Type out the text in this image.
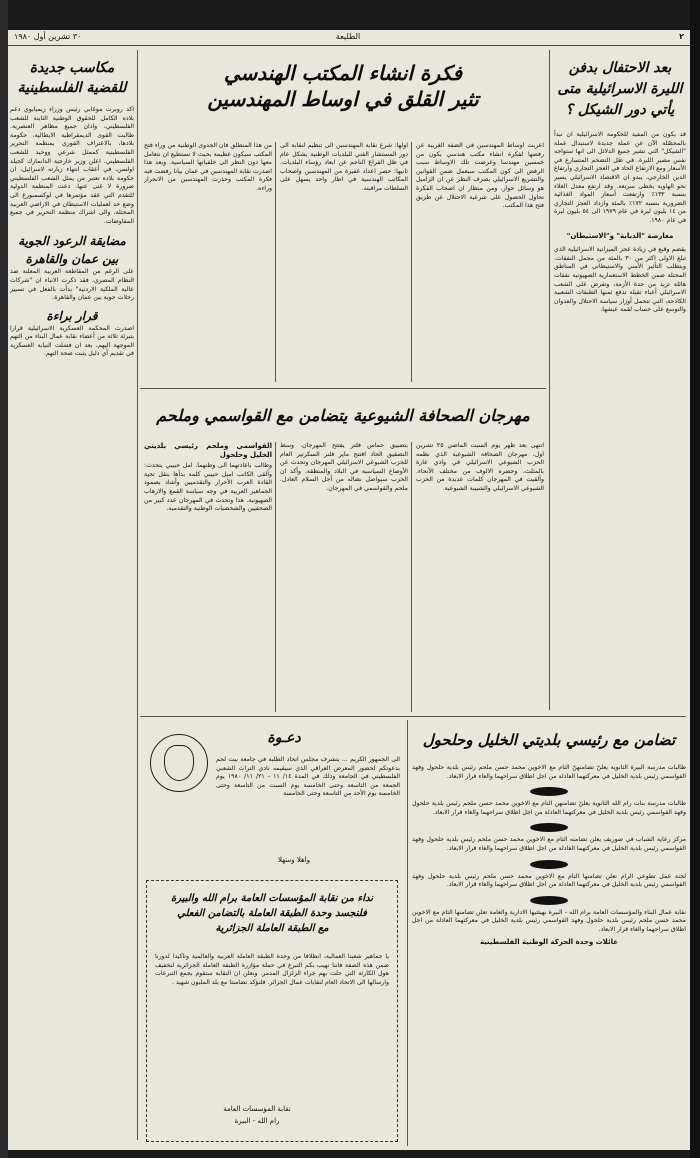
٢
الطليعة
٣٠ تشرين أول ١٩٨٠
بعد الاحتفال بدفن الليرة الاسرائيلية متى يأتي دور الشيكل ؟

قد يكون من المفيد للحكومة الاسرائيلية ان تبدأ بالمحصّلة الآن عن عملة جديدة لاستبدال عملة "الشيكل" التي تشير جميع الدلائل الى انها ستواجه نفس مصير الليرة. في ظل التضخم المتسارع في الأسعار ومع الارتفاع الحاد في العجز التجاري وارتفاع الدين الخارجي، يبدو ان الاقتصاد الاسرائيلي يسير نحو الهاوية بخطى سريعة. وقد ارتفع معدل الغلاء بنسبة ١٣٢٪ وارتفعت أسعار المواد الغذائية الضرورية بنسبة ١٧٢٪ بالمئة وازداد العجز التجاري من ١٤ بليون ليرة في عام ١٩٧٩ الى ٥٤ بليون ليرة في عام ١٩٨٠.

معارضة "الدبابة" و"الاستيطان"

يقضم وقبع في زيادة عجز الميزانية الاسرائيلية الذي تبلغ الاولى اكثر من ٣٠ بالمئة من مجمل النفقات. ويتطلب التأثير الأمني والاستيطاني في المناطق المحتلة ضمن الخطط الاستعمارية الصهيونية نفقات هائلة تزيد من حدة الأزمة، وتفرض على الشعب الاسرائيلي أعباء ثقيلة تدفع ثمنها الطبقات الشعبية الكادحة، التي تتحمل أوزار سياسة الاحتلال والعدوان والتوسع على حساب لقمة عيشها.

فكرة انشاء المكتب الهندسي
تثير القلق في اوساط المهندسين
اعربت اوساط المهندسين في الضفة الغربية عن رفضها لفكرة انشاء مكتب هندسي يكون من خمسين مهندسا وعرضت تلك الاوساط سبب الرفض الى كون المكتب سيعمل ضمن القوانين والتشريع الاسرائيلي بصرف النظر عن ان الزاميل هو وسائل حوار. ومن منظار ان اصحاب الفكرة تحاول الحصول على شرعية الاحتلال عن طريق فتح هذا المكتب.
اولها: شرع نقابة المهندسين الى تنظيم لنقابة الى دور المستشار الفني للبلديات الوطنية بشكل عام في ظل الفراغ الناجم عن ابعاد رؤساء البلديات. ثانيها: حصر اعداد غفيرة من المهندسين واصحاب المكاتب الهندسية في اطار واحد يسهل على السلطات مراقبته.
من هذا المنطلق فان الجدوى الوطنية من وراء فتح المكتب سيكون عظيمة بحيث لا نستطيع ان نتعامل معها دون النظر الى خلفياتها السياسية. وبعد هذا اصدرت نقابة المهندسين في عمان بيانا رفضت فيه فكرة المكتب وحذرت المهندسين من الانجرار وراءه.
مهرجان الصحافة الشيوعية يتضامن مع القواسمي وملحم
انتهى بعد ظهر يوم السبت الماضي ٢٥ تشرين اول، مهرجان الصحافة الشيوعية الذي نظمه الحزب الشيوعي الاسرائيلي في وادي عارة بالمثلث، وحضره الالوف من مختلف الأنحاء. وألقيت في المهرجان كلمات عديدة من الحزب الشيوعي الاسرائيلي والشبيبة الشيوعية.
بتضييق حماس فلتر يفتتح المهرجان. وسط التصفيق الحاد افتتح ماير فلنر السكرتير العام للحزب الشيوعي الاسرائيلي المهرجان وتحدث عن الأوضاع السياسية في البلاد والمنطقة. وأكد ان الحزب سيواصل نضاله من أجل السلام العادل. ملحم والقواسمي في المهرجان.

القواسمي وملحم رئيسي بلديتي الخليل وحلحول

وطالب باعادتهما الى وطنهما. امل حبيبي يتحدث: وألقى الكاتب اميل حبيبي كلمة بدأها بنقل تحية القادة العرب الأحرار والتقدميين وأشاد بصمود الجماهير العربية في وجه سياسة القمع والارهاب الصهيونية. هذا وتحدث في المهرجان عدد كبير من الصحفيين والشخصيات الوطنية والتقدمية.

مكاسب جديدة للقضية الفلسطينية

اكد روبرت موغابي رئيس وزراء زيمبابوي دعم بلاده الكامل للحقوق الوطنية الثابتة للشعب الفلسطيني، وادان جميع مظاهر العنصرية. طالبت القوى الديمقراطية الايطالية، حكومة بلادها، بالاعتراف الفوري بمنظمة التحرير الفلسطينية كممثل شرعي ووحيد للشعب الفلسطيني. اعلن وزير خارجية الدانمارك كجيلد اولسن، في أعقاب انتهاء زيارته لاسرائيل، ان حكومة بلاده تعتبر من يمثل الشعب الفلسطيني ضرورة لا غنى عنها. دعت المنظمة الدولية للتقدم التي عقد مؤتمرها في لوكسمبورغ الى وضع حد لعمليات الاستيطان في الاراضي العربية المحتلة، والى اشراك منظمة التحرير في جميع المفاوضات.

مضايقة الرعود الجوية
بين عمان والقاهرة

على الرغم من المقاطعة العربية المعلنة ضد النظام المصري، فقد ذكرت الانباء ان "شركات عالية الملكية الاردنية" بدأت بالفعل في تسيير رحلات جوية بين عمان والقاهرة.

قرار براءة

اصدرت المحكمة العسكرية الاسرائيلية قرارا بتبرئة ثلاثة من أعضاء نقابة عمال البناء من التهم الموجهة اليهم، بعد ان فشلت النيابة العسكرية في تقديم أي دليل يثبت صحة التهم.

تضامن مع رئيسي بلديتي الخليل وحلحول

طالبات مدرسة البيرة الثانوية يعلنّ تضامنهنّ التام مع الاخوين محمد حسن ملحم رئيس بلدية حلحول وفهد القواسمي رئيس بلدية الخليل في معركتهما العادلة من اجل اطلاق سراحهما والغاء قرار الابعاد.

طالبات مدرسة بنات رام الله الثانوية يعلنّ تضامنهن التام مع الاخوين محمد حسن ملحم رئيس بلدية حلحول وفهد القواسمي رئيس بلدية الخليل في معركتهما العادلة من اجل اطلاق سراحهما والغاء قرار الابعاد.

مركز رعاية الشباب في صوريف يعلن تضامنه التام مع الاخوين محمد حسن ملحم رئيس بلدية حلحول وفهد القواسمي رئيس بلدية الخليل في معركتهما العادلة من اجل اطلاق سراحهما والغاء قرار الابعاد.

لجنة عمل تطوعي الرام تعلن تضامنها التام مع الاخوين محمد حسن ملحم رئيس بلدية حلحول وفهد القواسمي رئيس بلدية الخليل في معركتهما العادلة من اجل اطلاق سراحهما والغاء قرار الابعاد.

نقابة عمال البناء والمؤسسات العامة برام الله - البيرة بهيئتيها الادارية والعامة تعلن تضامنها التام مع الاخوين محمد حسن ملحم رئيس بلدية حلحول وفهد القواسمي رئيس بلدية الخليل في معركتهما العادلة من اجل اطلاق سراحهما والغاء قرار الابعاد.

عائلات وحدة الحركة الوطنية الفلسطينية

دعـوة
الى الجمهور الكريم ... يتشرف مجلس اتحاد الطلبة في جامعة بيت لحم بدعوتكم لحضور المعرض العراقي الذي سيقيمه نادي التراث الشعبي الفلسطيني في الجامعة وذلك في المدة ١٤/ ١١ - ٢١/ ١١/ ١٩٨٠ يوم الجمعة من التاسعة وحتى الخامسة يوم السبت من التاسعة وحتى الخامسة يوم الأحد من التاسعة وحتى الخامسة
واهلا وسهلا
نداء من نقابة المؤسسات العامة برام الله والبيرة
فلنجسد وحدة الطبقة العاملة بالتضامن الفعلي
مع الطبقة العاملة الجزائرية
يا جماهير شعبنا العمالية، انطلاقا من وحدة الطبقة العاملة العربية والعالمية وتأكيدا لدورنا ضمن هذه الصفة فاننا نهيب بكم التبرع في حملة مؤازرة الطبقة العاملة الجزائرية لتخفيف هول الكارثة التي حلت بهم جراء الزلزال المدمر. ونعلن ان النقابة ستقوم بجمع التبرعات وارسالها الى الاتحاد العام لنقابات عمال الجزائر. فلنؤكد تضامننا مع بلد المليون شهيد .
نقابة المؤسسات العامة
رام الله - البيرة
